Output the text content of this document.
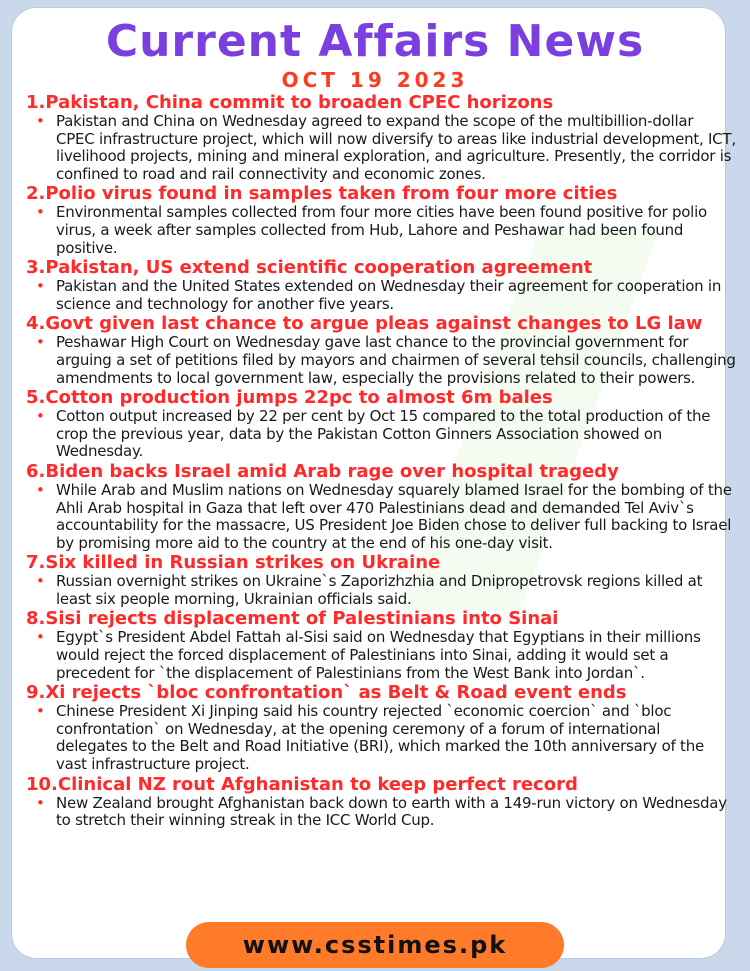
Current Affairs News
OCT 19 2023
1.Pakistan, China commit to broaden CPEC horizons
• Pakistan and China on Wednesday agreed to expand the scope of the multibillion-dollar CPEC infrastructure project, which will now diversify to areas like industrial development, ICT, livelihood projects, mining and mineral exploration, and agriculture. Presently, the corridor is confined to road and rail connectivity and economic zones.
2.Polio virus found in samples taken from four more cities
• Environmental samples collected from four more cities have been found positive for polio virus, a week after samples collected from Hub, Lahore and Peshawar had been found positive.
3.Pakistan, US extend scientific cooperation agreement
• Pakistan and the United States extended on Wednesday their agreement for cooperation in science and technology for another five years.
4.Govt given last chance to argue pleas against changes to LG law
• Peshawar High Court on Wednesday gave last chance to the provincial government for arguing a set of petitions filed by mayors and chairmen of several tehsil councils, challenging amendments to local government law, especially the provisions related to their powers.
5.Cotton production jumps 22pc to almost 6m bales
• Cotton output increased by 22 per cent by Oct 15 compared to the total production of the crop the previous year, data by the Pakistan Cotton Ginners Association showed on Wednesday.
6.Biden backs Israel amid Arab rage over hospital tragedy
• While Arab and Muslim nations on Wednesday squarely blamed Israel for the bombing of the Ahli Arab hospital in Gaza that left over 470 Palestinians dead and demanded Tel Aviv`s accountability for the massacre, US President Joe Biden chose to deliver full backing to Israel by promising more aid to the country at the end of his one-day visit.
7.Six killed in Russian strikes on Ukraine
• Russian overnight strikes on Ukraine`s Zaporizhzhia and Dnipropetrovsk regions killed at least six people morning, Ukrainian officials said.
8.Sisi rejects displacement of Palestinians into Sinai
• Egypt`s President Abdel Fattah al-Sisi said on Wednesday that Egyptians in their millions would reject the forced displacement of Palestinians into Sinai, adding it would set a precedent for `the displacement of Palestinians from the West Bank into Jordan`.
9.Xi rejects `bloc confrontation` as Belt & Road event ends
• Chinese President Xi Jinping said his country rejected `economic coercion` and `bloc confrontation` on Wednesday, at the opening ceremony of a forum of international delegates to the Belt and Road Initiative (BRI), which marked the 10th anniversary of the vast infrastructure project.
10.Clinical NZ rout Afghanistan to keep perfect record
• New Zealand brought Afghanistan back down to earth with a 149-run victory on Wednesday to stretch their winning streak in the ICC World Cup.
www.csstimes.pk
